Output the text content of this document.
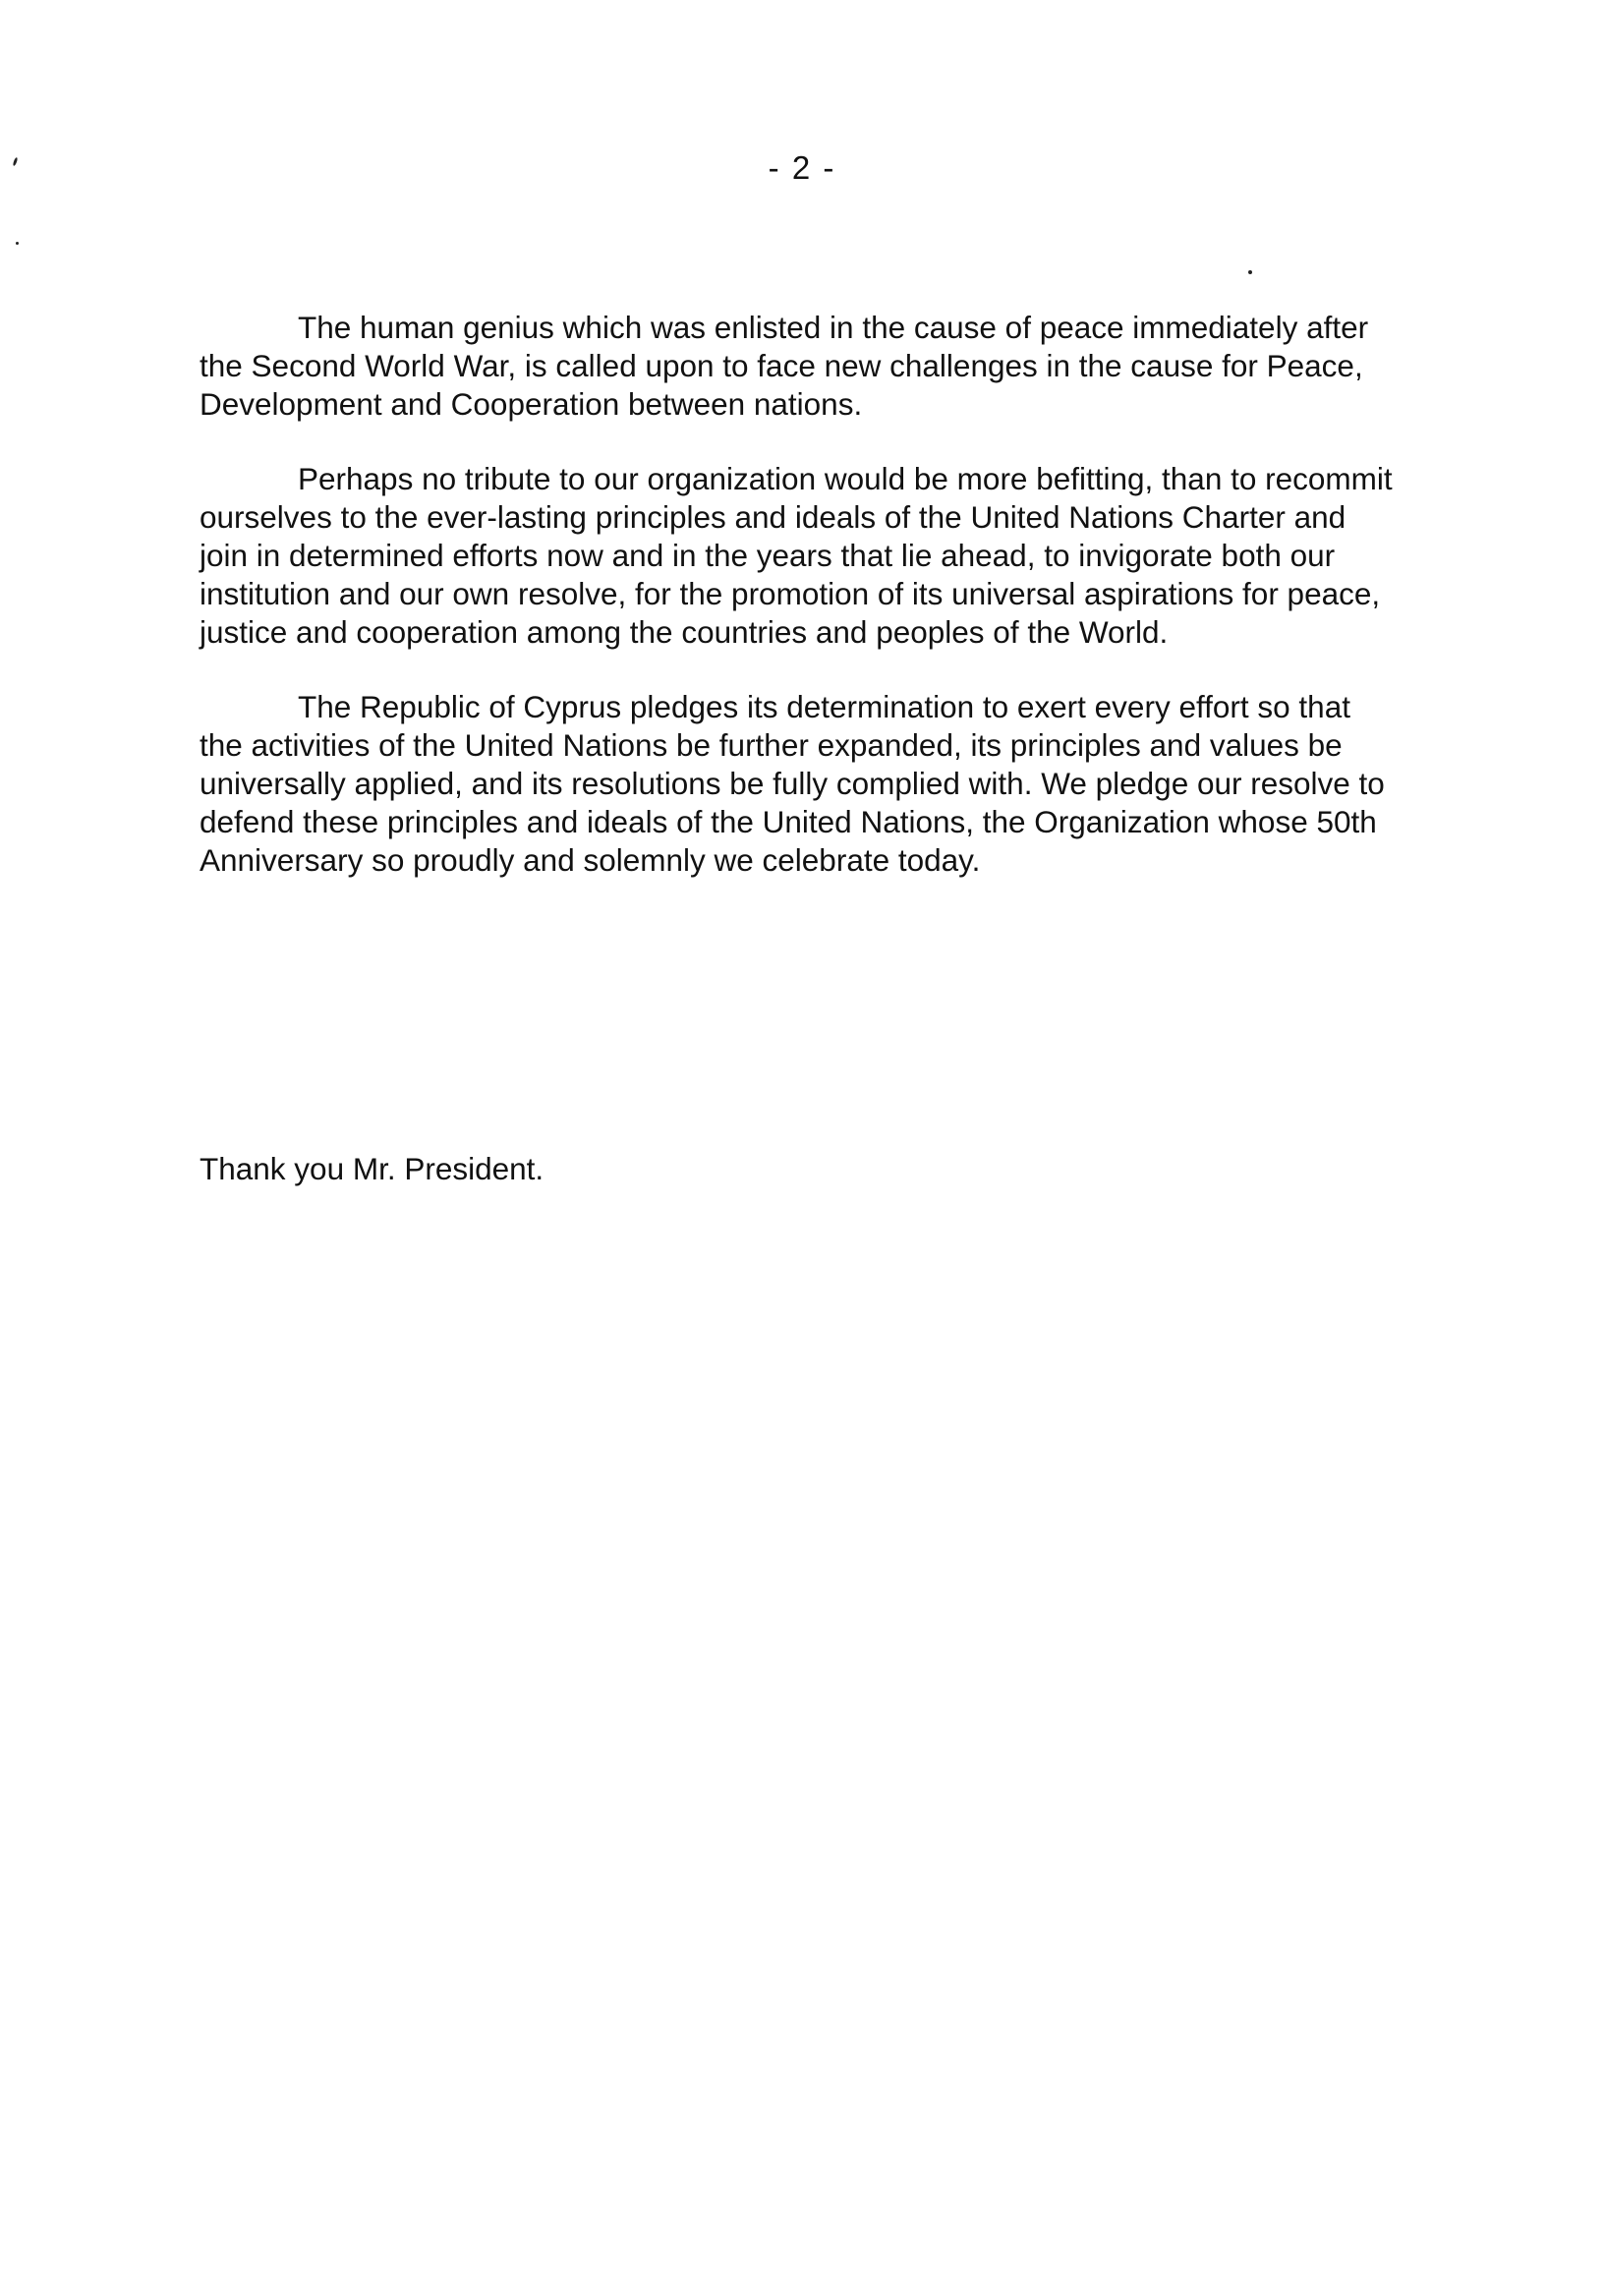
- 2 -

The human genius which was enlisted in the cause of peace immediately after the Second World War, is called upon to face new challenges in the cause for Peace, Development and Cooperation between nations.

Perhaps no tribute to our organization would be more befitting, than to recommit ourselves to the ever-lasting principles and ideals of the United Nations Charter and join in determined efforts now and in the years that lie ahead, to invigorate both our institution and our own resolve, for the promotion of its universal aspirations for peace, justice and cooperation among the countries and peoples of the World.

The Republic of Cyprus pledges its determination to exert every effort so that the activities of the United Nations be further expanded, its principles and values be universally applied, and its resolutions be fully complied with. We pledge our resolve to defend these principles and ideals of the United Nations, the Organization whose 50th Anniversary so proudly and solemnly we celebrate today.

Thank you Mr. President.
